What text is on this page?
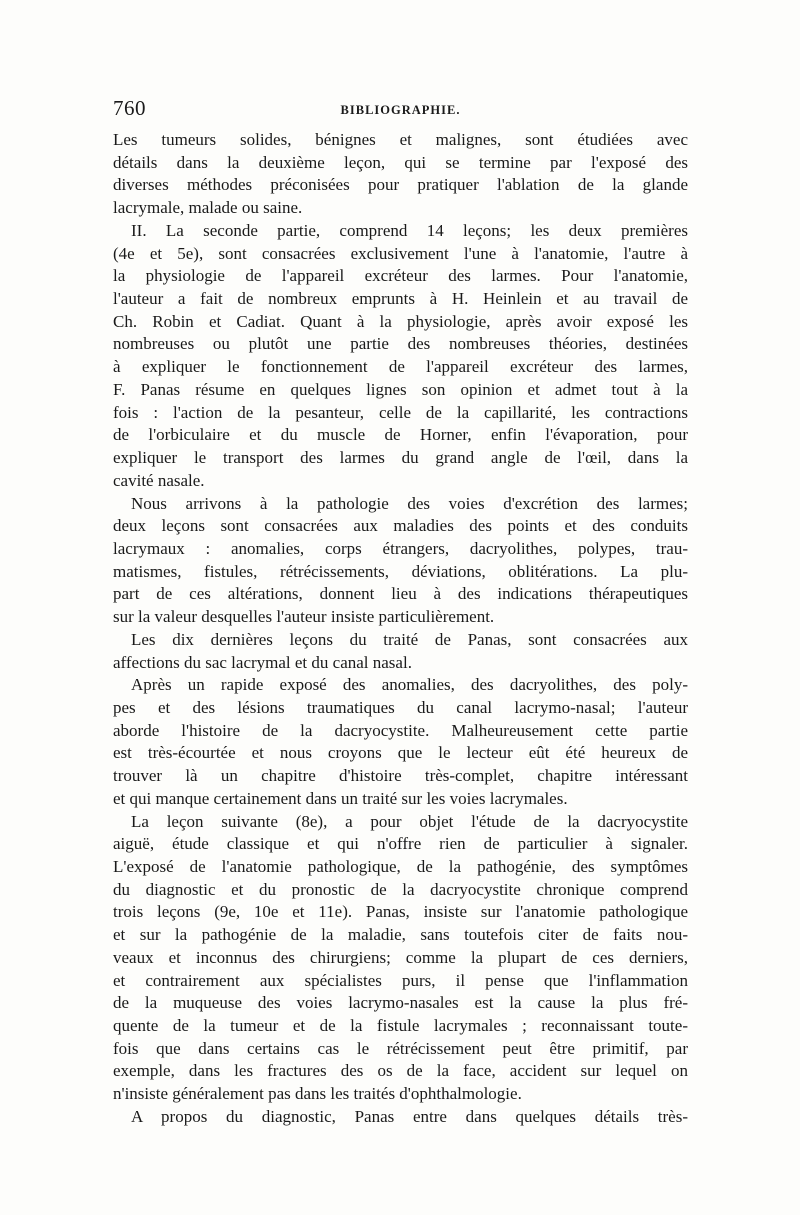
760	BIBLIOGRAPHIE.
Les tumeurs solides, bénignes et malignes, sont étudiées avec
détails dans la deuxième leçon, qui se termine par l'exposé des
diverses méthodes préconisées pour pratiquer l'ablation de la glande
lacrymale, malade ou saine.
II. La seconde partie, comprend 14 leçons; les deux premières
(4e et 5e), sont consacrées exclusivement l'une à l'anatomie, l'autre à
la physiologie de l'appareil excréteur des larmes. Pour l'anatomie,
l'auteur a fait de nombreux emprunts à H. Heinlein et au travail de
Ch. Robin et Cadiat. Quant à la physiologie, après avoir exposé les
nombreuses ou plutôt une partie des nombreuses théories, destinées
à expliquer le fonctionnement de l'appareil excréteur des larmes,
F. Panas résume en quelques lignes son opinion et admet tout à la
fois : l'action de la pesanteur, celle de la capillarité, les contractions
de l'orbiculaire et du muscle de Horner, enfin l'évaporation, pour
expliquer le transport des larmes du grand angle de l'œil, dans la
cavité nasale.
Nous arrivons à la pathologie des voies d'excrétion des larmes;
deux leçons sont consacrées aux maladies des points et des conduits
lacrymaux : anomalies, corps étrangers, dacryolithes, polypes, trau-
matismes, fistules, rétrécissements, déviations, oblitérations. La plu-
part de ces altérations, donnent lieu à des indications thérapeutiques
sur la valeur desquelles l'auteur insiste particulièrement.
Les dix dernières leçons du traité de Panas, sont consacrées aux
affections du sac lacrymal et du canal nasal.
Après un rapide exposé des anomalies, des dacryolithes, des poly-
pes et des lésions traumatiques du canal lacrymo-nasal; l'auteur
aborde l'histoire de la dacryocystite. Malheureusement cette partie
est très-écourtée et nous croyons que le lecteur eût été heureux de
trouver là un chapitre d'histoire très-complet, chapitre intéressant
et qui manque certainement dans un traité sur les voies lacrymales.
La leçon suivante (8e), a pour objet l'étude de la dacryocystite
aiguë, étude classique et qui n'offre rien de particulier à signaler.
L'exposé de l'anatomie pathologique, de la pathogénie, des symptômes
du diagnostic et du pronostic de la dacryocystite chronique comprend
trois leçons (9e, 10e et 11e). Panas, insiste sur l'anatomie pathologique
et sur la pathogénie de la maladie, sans toutefois citer de faits nou-
veaux et inconnus des chirurgiens; comme la plupart de ces derniers,
et contrairement aux spécialistes purs, il pense que l'inflammation
de la muqueuse des voies lacrymo-nasales est la cause la plus fré-
quente de la tumeur et de la fistule lacrymales ; reconnaissant toute-
fois que dans certains cas le rétrécissement peut être primitif, par
exemple, dans les fractures des os de la face, accident sur lequel on
n'insiste généralement pas dans les traités d'ophthalmologie.
A propos du diagnostic, Panas entre dans quelques détails très-
